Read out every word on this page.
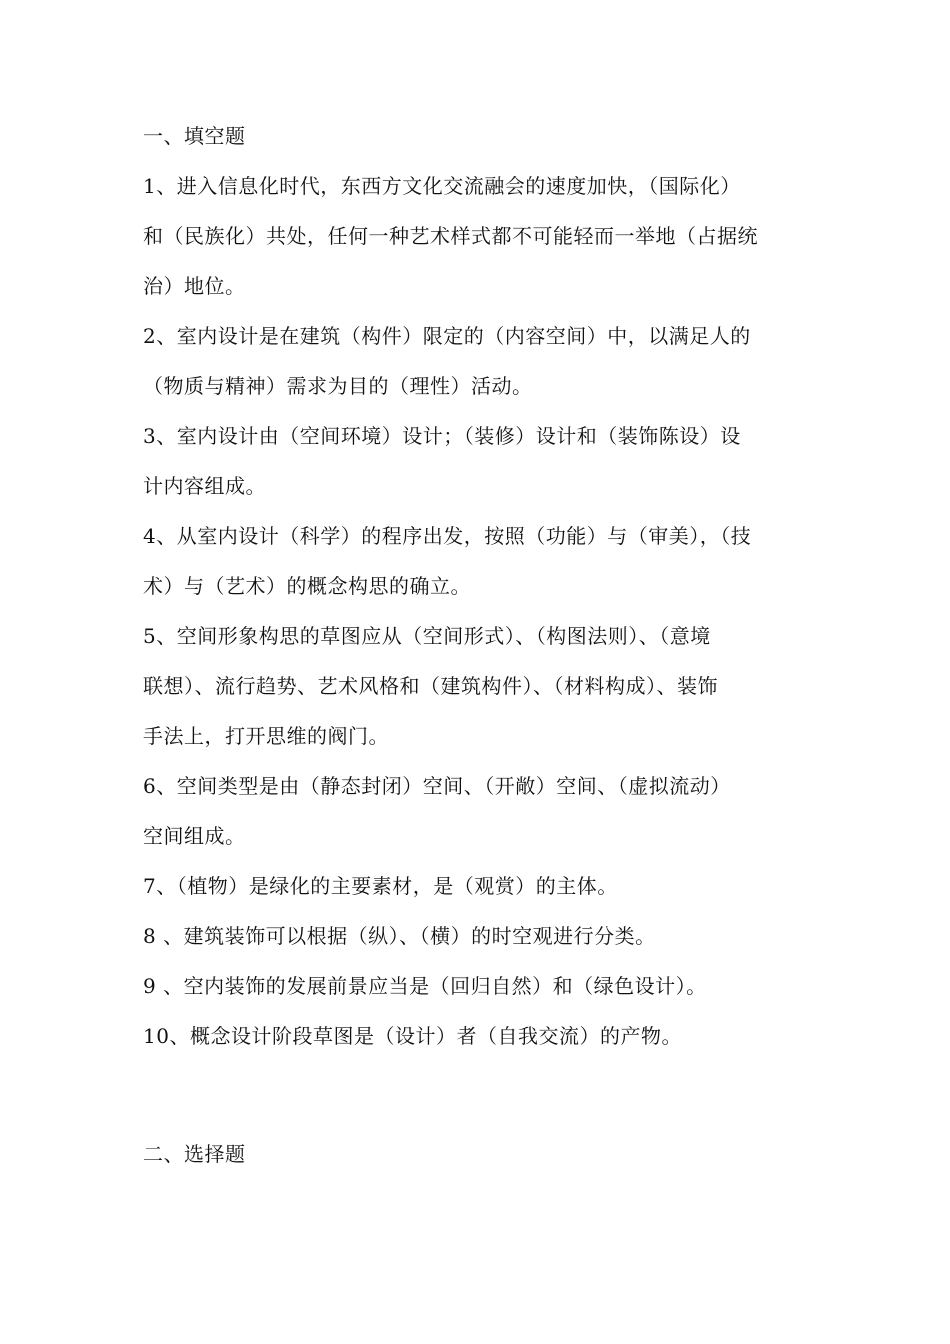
一、填空题
1、进入信息化时代，东西方文化交流融会的速度加快，（国际化）
和（民族化）共处，任何一种艺术样式都不可能轻而一举地（占据统
治）地位。
2、室内设计是在建筑（构件）限定的（内容空间）中，以满足人的
（物质与精神）需求为目的（理性）活动。
3、室内设计由（空间环境）设计；（装修）设计和（装饰陈设）设
计内容组成。
4、从室内设计（科学）的程序出发，按照（功能）与（审美），（技
术）与（艺术）的概念构思的确立。
5、空间形象构思的草图应从（空间形式）、（构图法则）、（意境
联想）、流行趋势、艺术风格和（建筑构件）、（材料构成）、装饰
手法上，打开思维的阀门。
6、空间类型是由（静态封闭）空间、（开敞）空间、（虚拟流动）
空间组成。
7、（植物）是绿化的主要素材，是（观赏）的主体。
8 、建筑装饰可以根据（纵）、（横）的时空观进行分类。
9 、空内装饰的发展前景应当是（回归自然）和（绿色设计）。
10、概念设计阶段草图是（设计）者（自我交流）的产物。
二、选择题
